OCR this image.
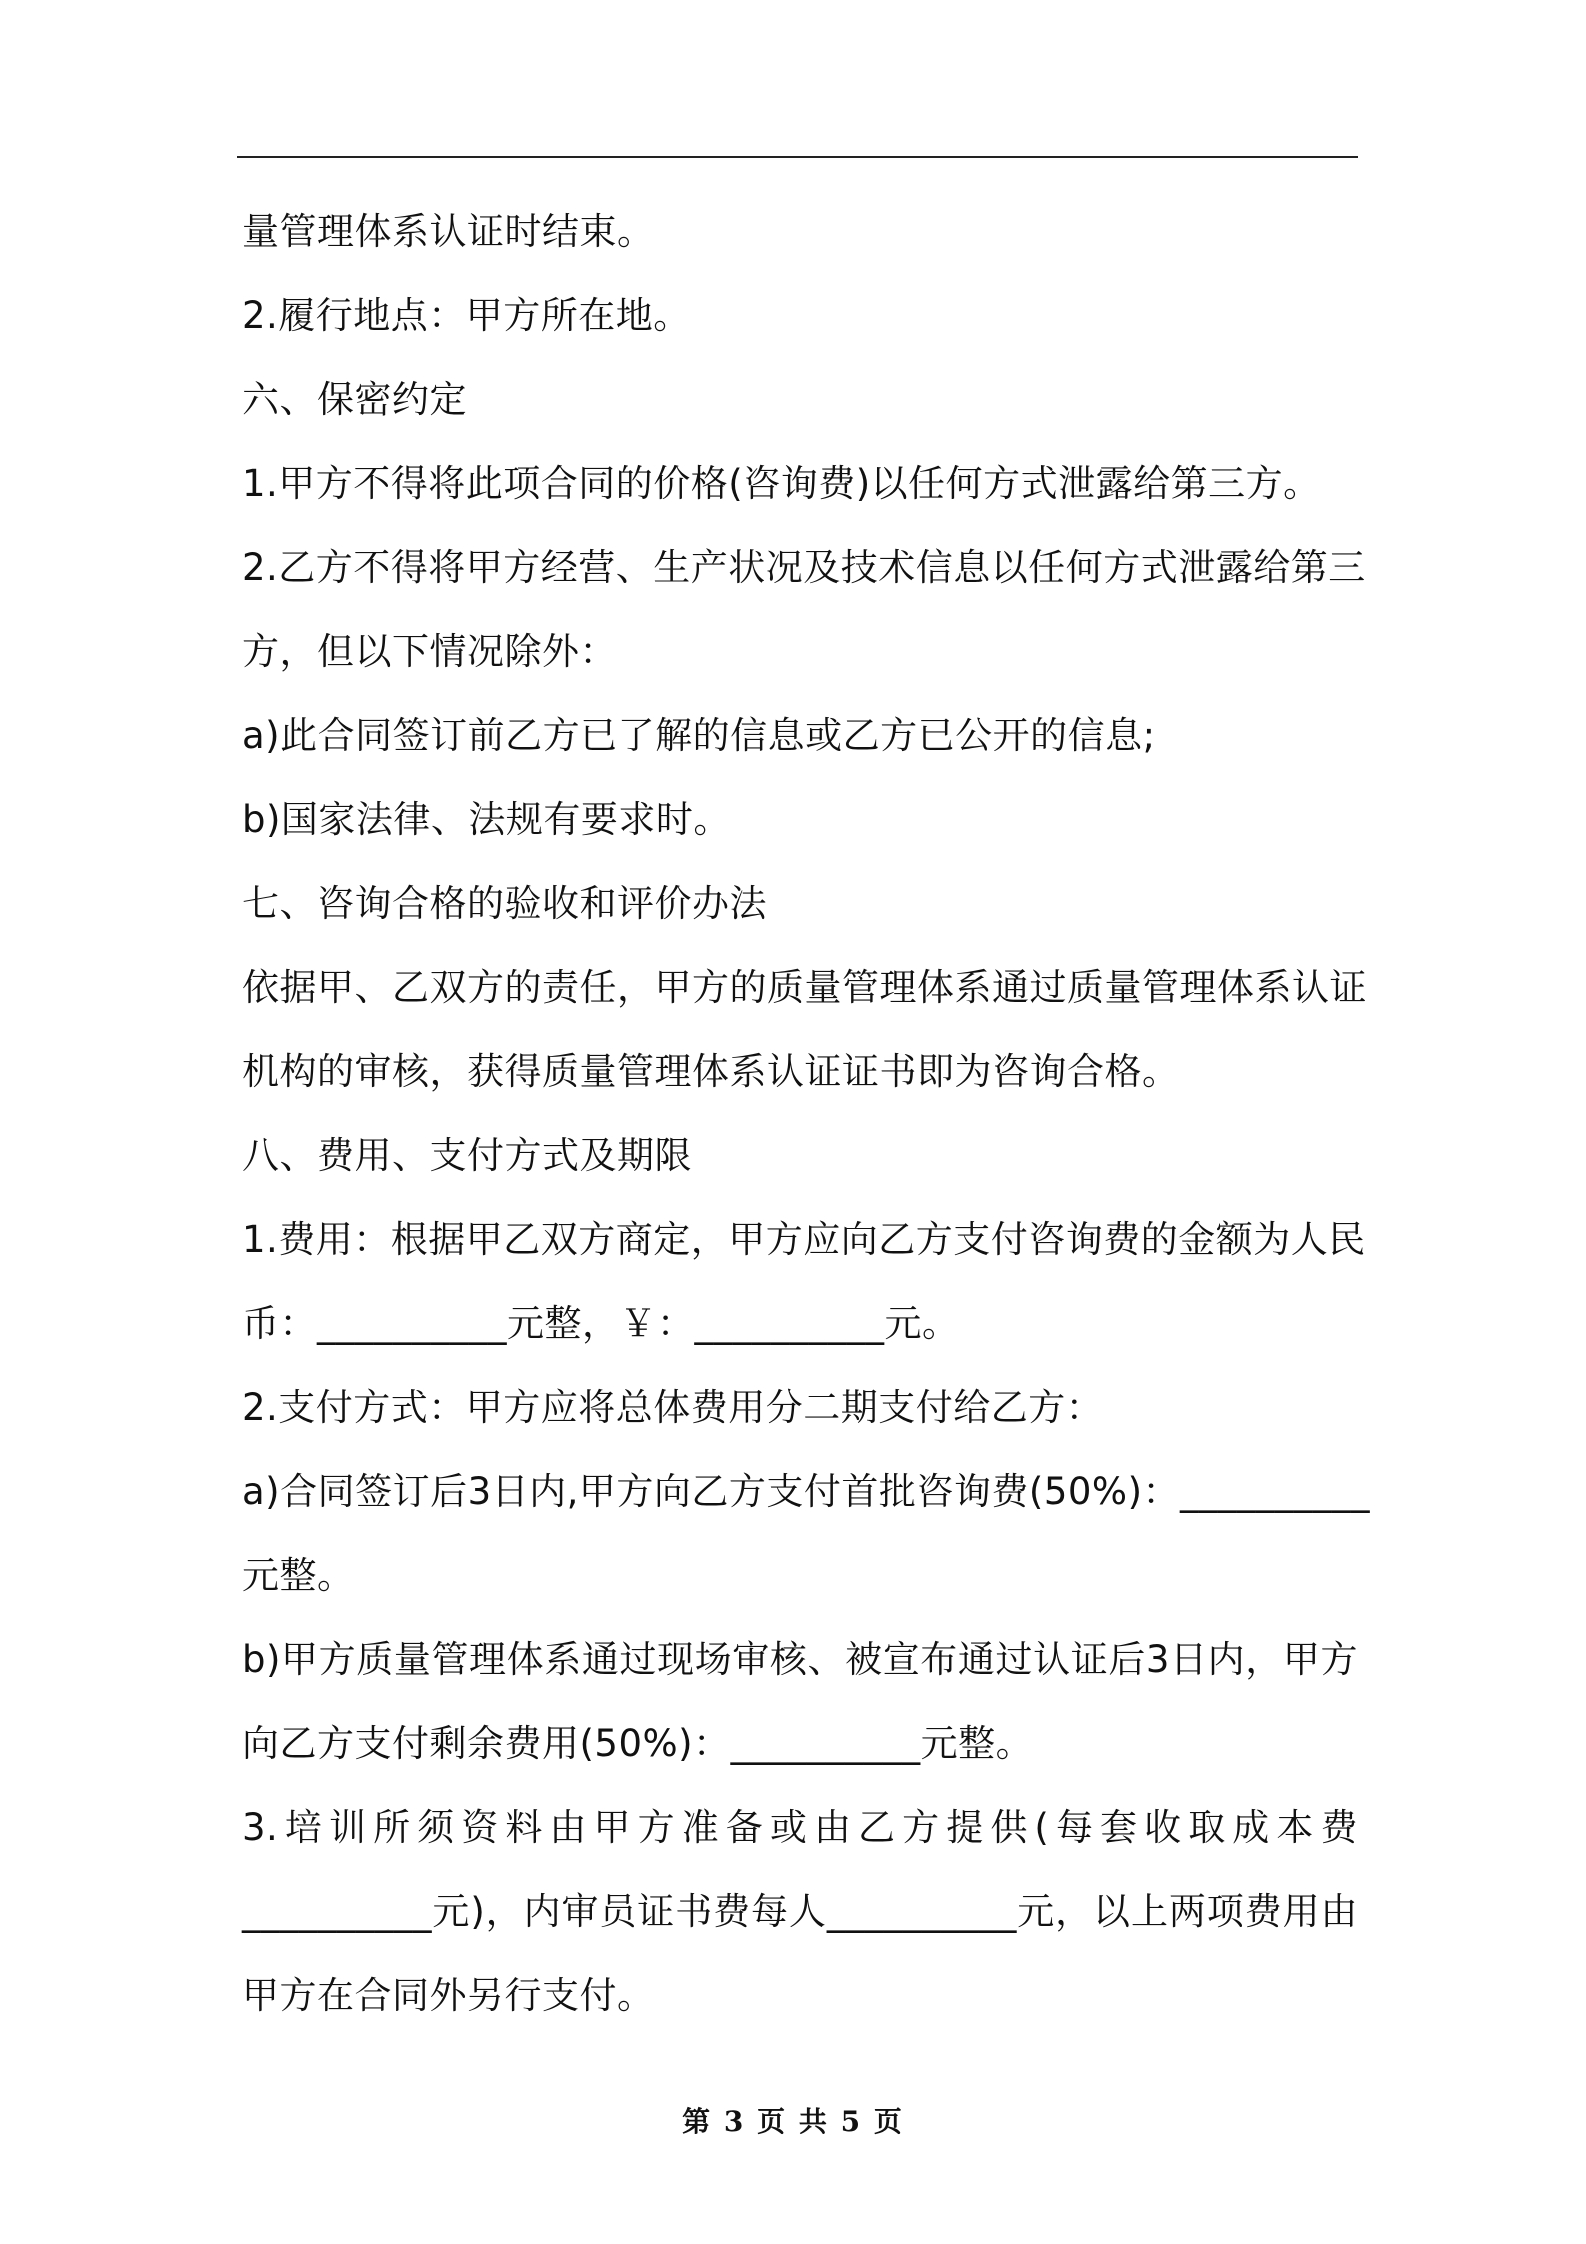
量管理体系认证时结束。
2.履行地点：甲方所在地。
六、保密约定
1.甲方不得将此项合同的价格(咨询费)以任何方式泄露给第三方。
2.乙方不得将甲方经营、生产状况及技术信息以任何方式泄露给第三
方，但以下情况除外：
a)此合同签订前乙方已了解的信息或乙方已公开的信息;
b)国家法律、法规有要求时。
七、咨询合格的验收和评价办法
依据甲、乙双方的责任，甲方的质量管理体系通过质量管理体系认证
机构的审核，获得质量管理体系认证证书即为咨询合格。
八、费用、支付方式及期限
1.费用：根据甲乙双方商定，甲方应向乙方支付咨询费的金额为人民
币：__________元整，￥：__________元。
2.支付方式：甲方应将总体费用分二期支付给乙方：
a)合同签订后3日内,甲方向乙方支付首批咨询费(50%)：__________
元整。
b)甲方质量管理体系通过现场审核、被宣布通过认证后3日内，甲方
向乙方支付剩余费用(50%)：__________元整。
3.培训所须资料由甲方准备或由乙方提供(每套收取成本费
__________元)，内审员证书费每人__________元，以上两项费用由
甲方在合同外另行支付。
第 3 页 共 5 页
